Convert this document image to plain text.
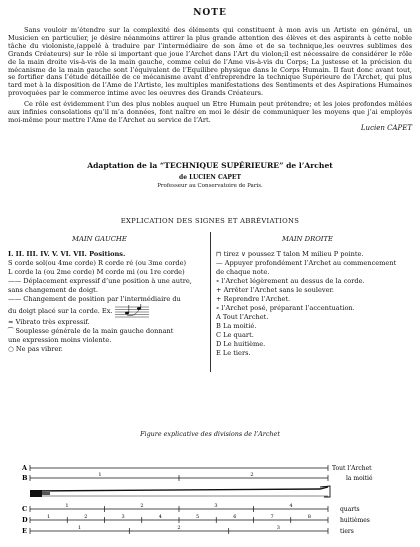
NOTE

Sans vouloir m’étendre sur la complexité des éléments qui constituent à mon avis un Artiste en général, un Musicien en particulier, je désire néanmoins attirer la plus grande attention des élèves et des aspirants à cette noble tâche du violoniste,(appelé à traduire par l’intermédiaire de son âme et de sa technique,les oeuvres sublimes des Grands Créateurs) sur le rôle si important que joue l’Archet dans l’Art du violon;il est nécessaire de considérer le rôle de la main droite vis-à-vis de la main gauche, comme celui de l’Ame vis-à-vis du Corps; La justesse et la précision du mécanisme de la main gauche sont l’équivalent de l’Equilibre physique dans le Corps Humain. Il faut donc avant tout, se fortifier dans l’étude détaillée de ce mécanisme avant d’entreprendre la technique Supérieure de l’Archet, qui plus tard met à la disposition de l’Ame de l’Artiste, les multiples manifestations des Sentiments et des Aspirations Humaines provoquées par le commerce intime avec les oeuvres des Grands Créateurs.

Ce rôle est évidemment l’un des plus nobles auquel un Etre Humain peut prétendre; et les joies profondes mêlées aux infinies consolations qu’il m’a données, font naître en moi le désir de communiquer les moyens que j’ai employés moi-même pour mettre l’Ame de l’Archet au service de l’Art.

Lucien CAPET
Adaptation de la “TECHNIQUE SUPÉRIEURE” de l’Archet
de LUCIEN CAPET
Professeur au Conservatoire de Paris.
EXPLICATION DES SIGNES ET ABRÉVIATIONS
MAIN GAUCHE	MAIN DROITE
I. II. III. IV. V. VI. VII. Positions.
S corde sol(ou 4me corde) R corde ré (ou 3me corde)
L corde la (ou 2me corde) M corde mi (ou 1re corde)
—— Déplacement expressif d’une position à une autre,
sans changement de doigt.
—— Changement de position par l’intermédiaire du
du doigt placé sur la corde. Ex.
≈ Vibrato très expressif.
⁀ Souplesse générale de la main gauche donnant
une expression moins violente.
○ Ne pas vibrer.
⊓ tirez ∨ poussez T talon M milieu P pointe.
— Appuyer profondément l’Archet au commencement
de chaque note.
∘ l’Archet légèrement au dessus de la corde.
+ Arrêter l’Archet sans le soulever.
+ Reprendre l’Archet.
∘ l’Archet posé, préparant l’accentuation.
A Tout l’Archet.
B La moitié.
C Le quart.
D Le huitième.
E Le tiers.
Figure explicative des divisions de l’Archet
A
B
C
D
E
1	2
1	2	3	4
1	2	3	4	5	6	7	8
1	2	3
Tout l’Archet
la moitié
quarts
huitièmes
tiers
